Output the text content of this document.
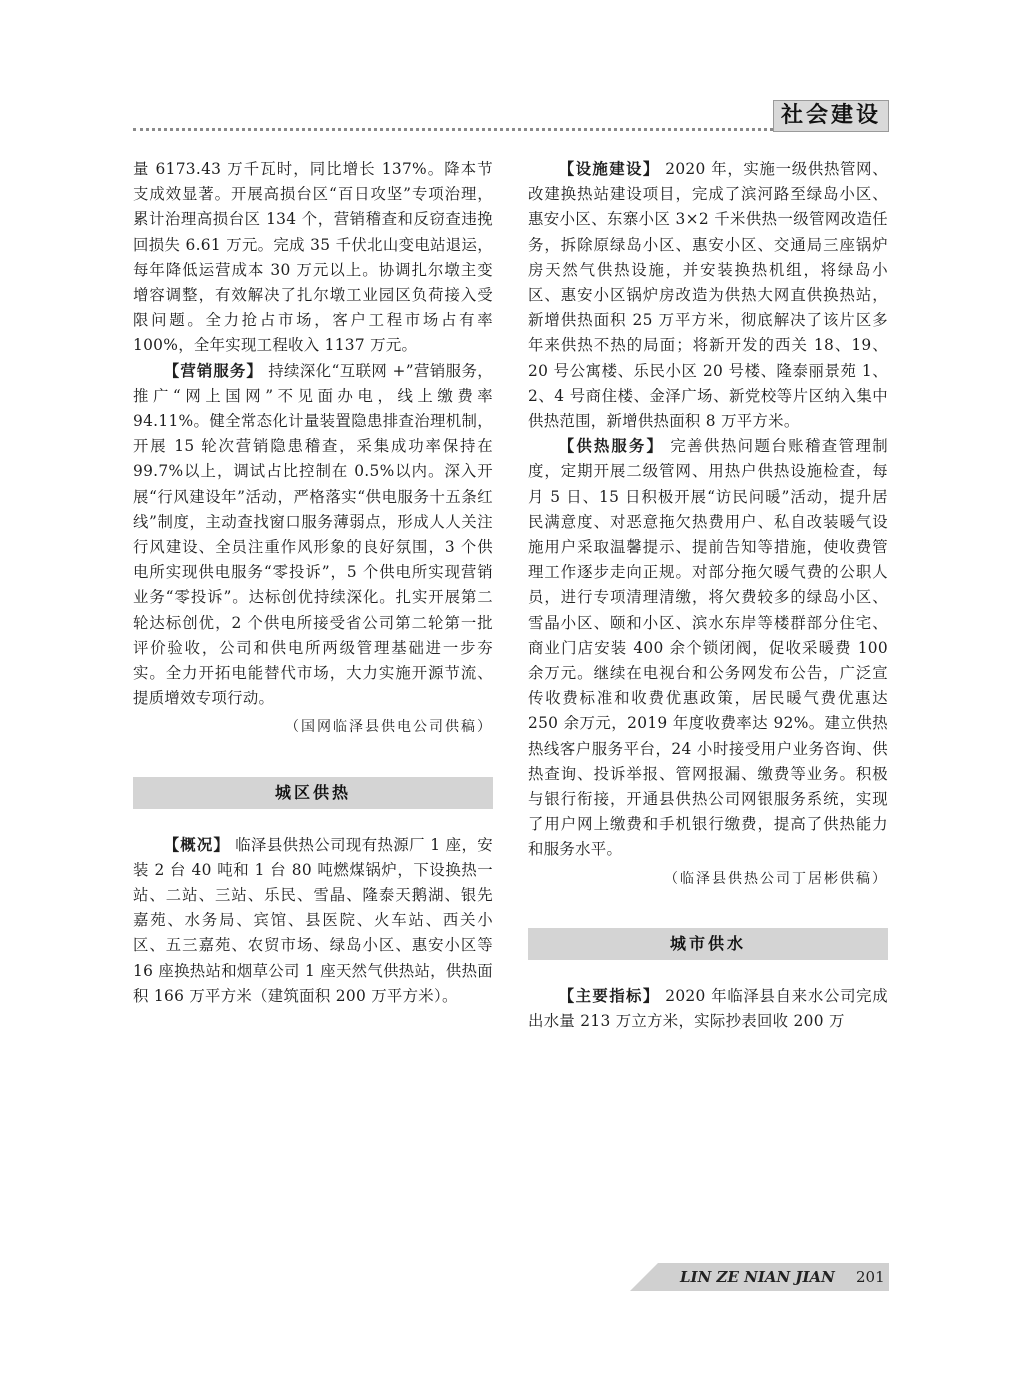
社会建设

量 6173.43 万千瓦时，同比增长 137%。降本节支成效显著。开展高损台区“百日攻坚”专项治理，累计治理高损台区 134 个，营销稽查和反窃查违挽回损失 6.61 万元。完成 35 千伏北山变电站退运，每年降低运营成本 30 万元以上。协调扎尔墩主变增容调整，有效解决了扎尔墩工业园区负荷接入受限问题。全力抢占市场，客户工程市场占有率 100%，全年实现工程收入 1137 万元。

【营销服务】 持续深化“互联网 +”营销服务，推广“网上国网”不见面办电，线上缴费率 94.11%。健全常态化计量装置隐患排查治理机制，开展 15 轮次营销隐患稽查，采集成功率保持在 99.7%以上，调试占比控制在 0.5%以内。深入开展“行风建设年”活动，严格落实“供电服务十五条红线”制度，主动查找窗口服务薄弱点，形成人人关注行风建设、全员注重作风形象的良好氛围，3 个供电所实现供电服务“零投诉”，5 个供电所实现营销业务“零投诉”。达标创优持续深化。扎实开展第二轮达标创优，2 个供电所接受省公司第二轮第一批评价验收，公司和供电所两级管理基础进一步夯实。全力开拓电能替代市场，大力实施开源节流、提质增效专项行动。

（国网临泽县供电公司供稿）

城区供热

【概况】 临泽县供热公司现有热源厂 1 座，安装 2 台 40 吨和 1 台 80 吨燃煤锅炉，下设换热一站、二站、三站、乐民、雪晶、隆泰天鹅湖、银先嘉苑、水务局、宾馆、县医院、火车站、西关小区、五三嘉苑、农贸市场、绿岛小区、惠安小区等 16 座换热站和烟草公司 1 座天然气供热站，供热面积 166 万平方米（建筑面积 200 万平方米）。

【设施建设】 2020 年，实施一级供热管网、改建换热站建设项目，完成了滨河路至绿岛小区、惠安小区、东寨小区 3×2 千米供热一级管网改造任务，拆除原绿岛小区、惠安小区、交通局三座锅炉房天然气供热设施，并安装换热机组，将绿岛小区、惠安小区锅炉房改造为供热大网直供换热站，新增供热面积 25 万平方米，彻底解决了该片区多年来供热不热的局面；将新开发的西关 18、19、20 号公寓楼、乐民小区 20 号楼、隆泰丽景苑 1、2、4 号商住楼、金泽广场、新党校等片区纳入集中供热范围，新增供热面积 8 万平方米。

【供热服务】 完善供热问题台账稽查管理制度，定期开展二级管网、用热户供热设施检查，每月 5 日、15 日积极开展“访民问暖”活动，提升居民满意度、对恶意拖欠热费用户、私自改装暖气设施用户采取温馨提示、提前告知等措施，使收费管理工作逐步走向正规。对部分拖欠暖气费的公职人员，进行专项清理清缴，将欠费较多的绿岛小区、雪晶小区、颐和小区、滨水东岸等楼群部分住宅、商业门店安装 400 余个锁闭阀，促收采暖费 100 余万元。继续在电视台和公务网发布公告，广泛宣传收费标准和收费优惠政策，居民暖气费优惠达 250 余万元，2019 年度收费率达 92%。建立供热热线客户服务平台，24 小时接受用户业务咨询、供热查询、投诉举报、管网报漏、缴费等业务。积极与银行衔接，开通县供热公司网银服务系统，实现了用户网上缴费和手机银行缴费，提高了供热能力和服务水平。

（临泽县供热公司丁居彬供稿）

城市供水

【主要指标】 2020 年临泽县自来水公司完成出水量 213 万立方米，实际抄表回收 200 万

LIN ZE NIAN JIAN 201
